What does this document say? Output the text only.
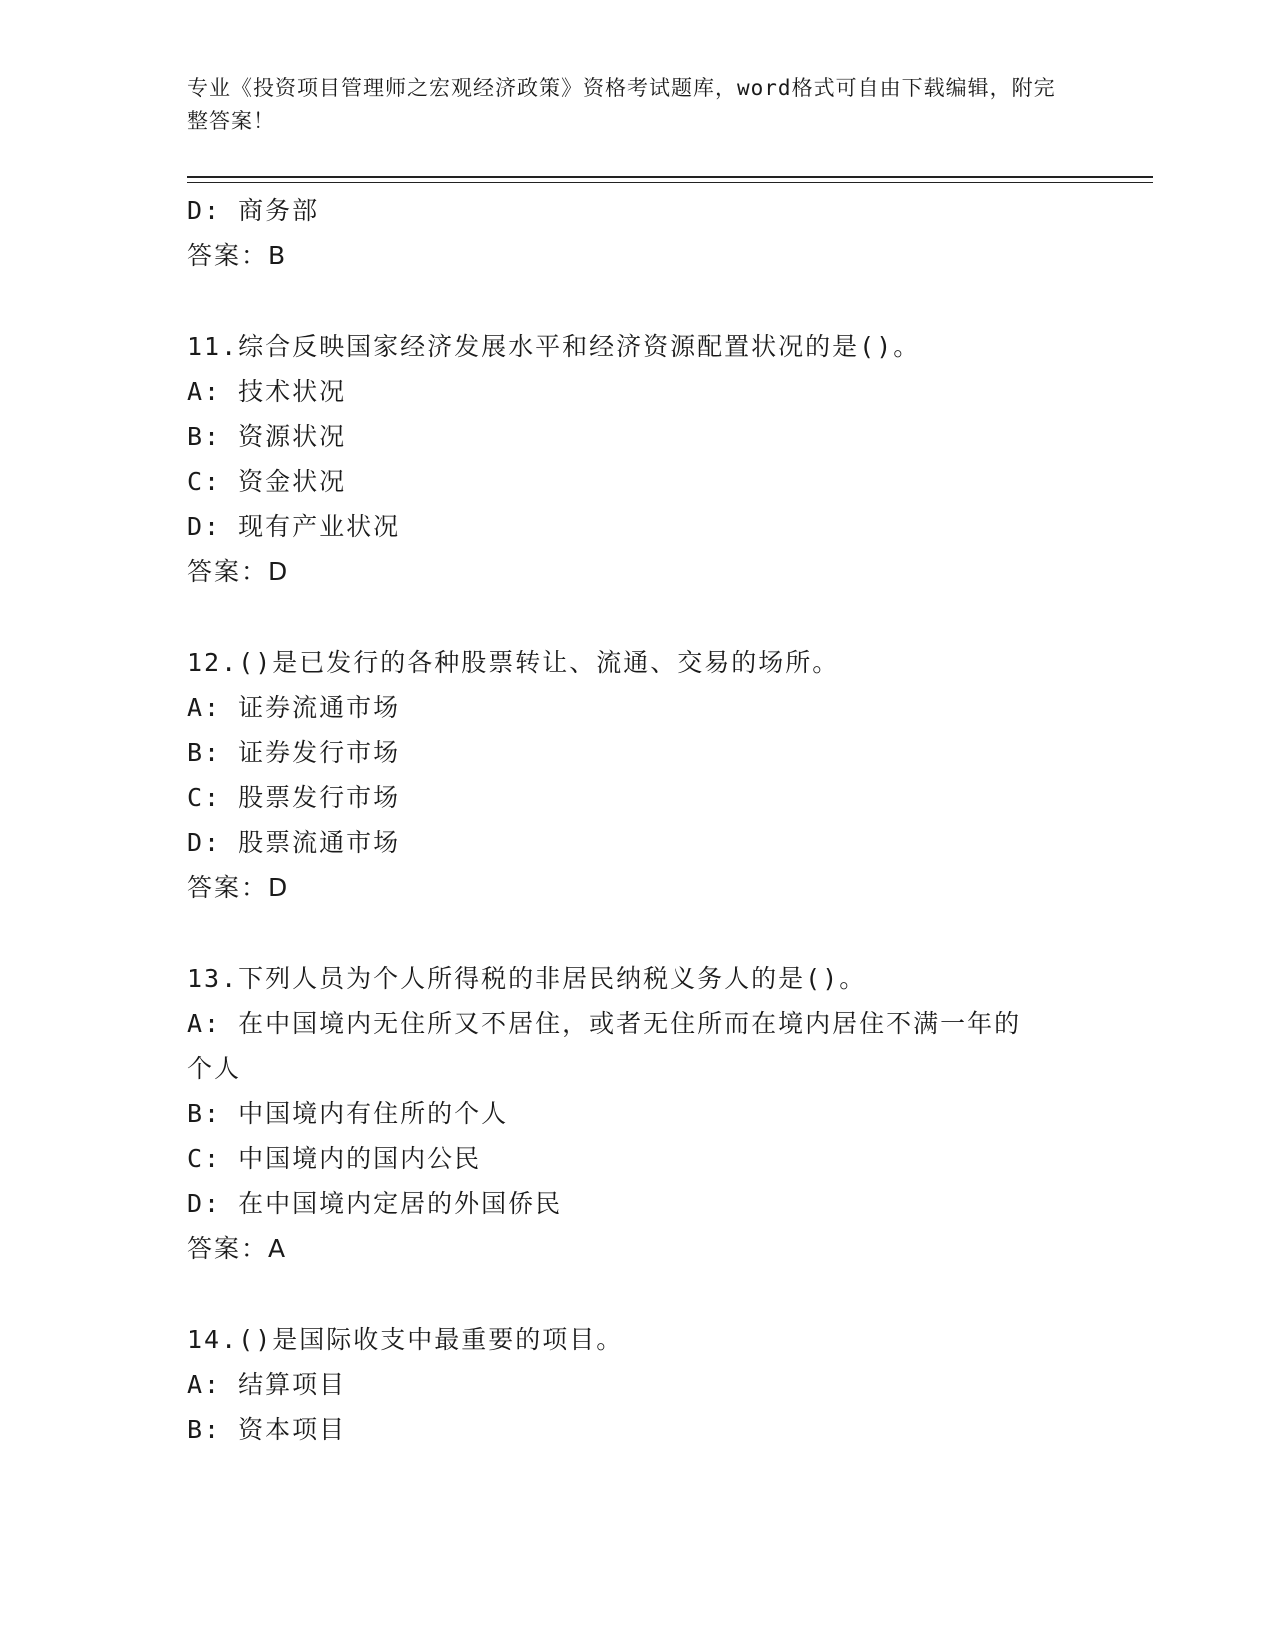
专业《投资项目管理师之宏观经济政策》资格考试题库，word格式可自由下载编辑，附完整答案！
D: 商务部
答案：B
11.综合反映国家经济发展水平和经济资源配置状况的是()。
A: 技术状况
B: 资源状况
C: 资金状况
D: 现有产业状况
答案：D
12.()是已发行的各种股票转让、流通、交易的场所。
A: 证券流通市场
B: 证券发行市场
C: 股票发行市场
D: 股票流通市场
答案：D
13.下列人员为个人所得税的非居民纳税义务人的是()。
A: 在中国境内无住所又不居住，或者无住所而在境内居住不满一年的个人
B: 中国境内有住所的个人
C: 中国境内的国内公民
D: 在中国境内定居的外国侨民
答案：A
14.()是国际收支中最重要的项目。
A: 结算项目
B: 资本项目
